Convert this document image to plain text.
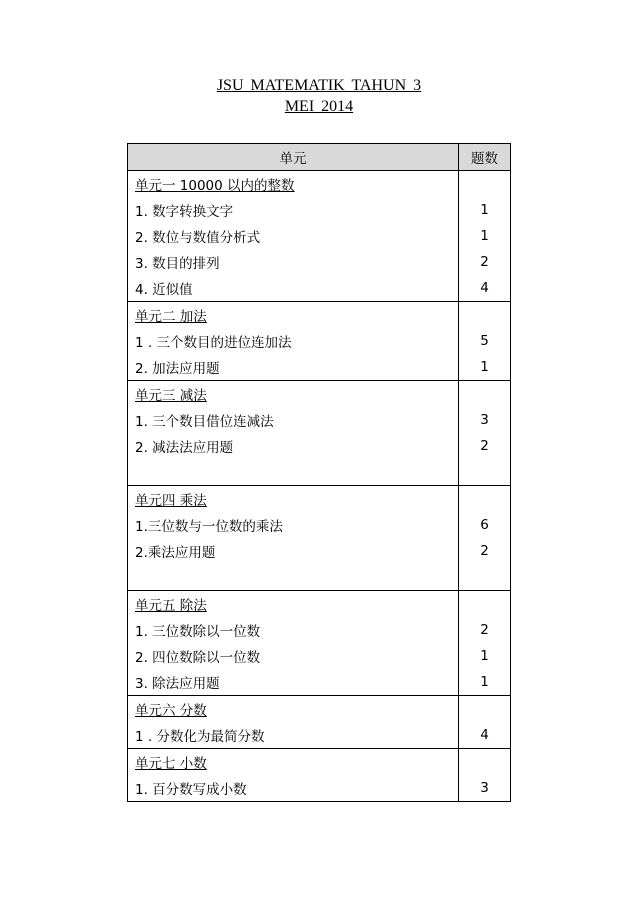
JSU MATEMATIK TAHUN 3
MEI 2014
单元	题数
单元一 10000 以内的整数	
1. 数字转换文字	1
2. 数位与数值分析式	1
3. 数目的排列	2
4. 近似值	4
单元二 加法	
1 . 三个数目的进位连加法	5
2. 加法应用题	1
单元三 减法	
1. 三个数目借位连减法	3
2. 减法法应用题	2

单元四 乘法	
1.三位数与一位数的乘法	6
2.乘法应用题	2

单元五 除法	
1. 三位数除以一位数	2
2. 四位数除以一位数	1
3. 除法应用题	1
单元六 分数	
1 . 分数化为最简分数	4
单元七 小数	
1. 百分数写成小数	3
